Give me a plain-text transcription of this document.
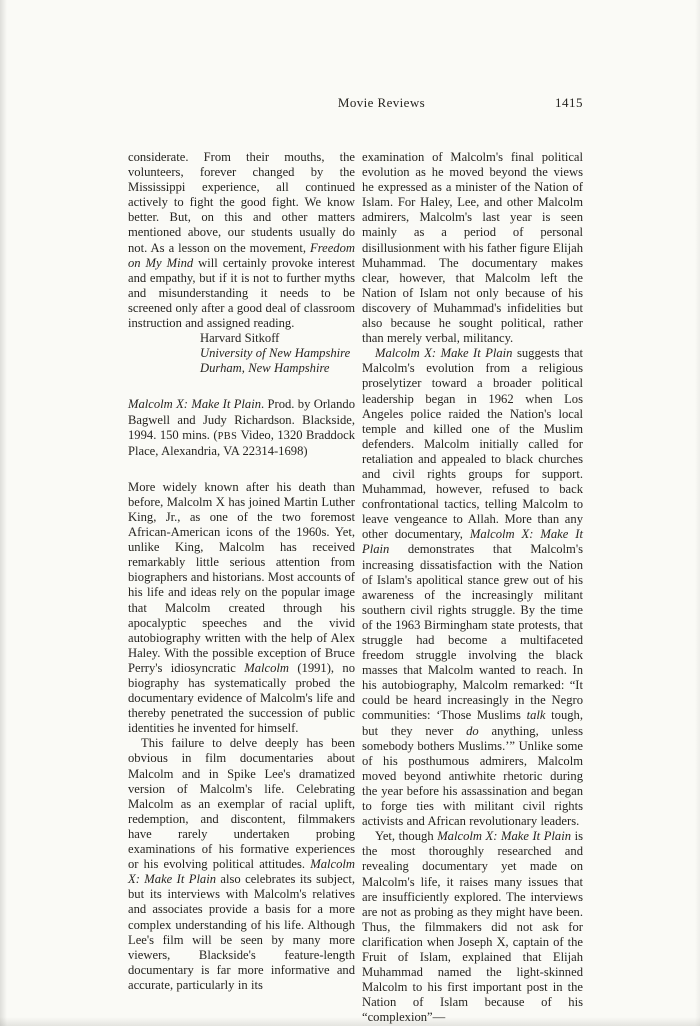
Movie Reviews	1415

considerate. From their mouths, the volunteers, forever changed by the Mississippi experience, all continued actively to fight the good fight. We know better. But, on this and other matters mentioned above, our students usually do not. As a lesson on the movement, Freedom on My Mind will certainly provoke interest and empathy, but if it is not to further myths and misunderstanding it needs to be screened only after a good deal of classroom instruction and assigned reading.

Harvard Sitkoff
University of New Hampshire
Durham, New Hampshire

Malcolm X: Make It Plain. Prod. by Orlando Bagwell and Judy Richardson. Blackside, 1994. 150 mins. (PBS Video, 1320 Braddock Place, Alexandria, VA 22314-1698)

More widely known after his death than before, Malcolm X has joined Martin Luther King, Jr., as one of the two foremost African-American icons of the 1960s. Yet, unlike King, Malcolm has received remarkably little serious attention from biographers and historians. Most accounts of his life and ideas rely on the popular image that Malcolm created through his apocalyptic speeches and the vivid autobiography written with the help of Alex Haley. With the possible exception of Bruce Perry's idiosyncratic Malcolm (1991), no biography has systematically probed the documentary evidence of Malcolm's life and thereby penetrated the succession of public identities he invented for himself.

This failure to delve deeply has been obvious in film documentaries about Malcolm and in Spike Lee's dramatized version of Malcolm's life. Celebrating Malcolm as an exemplar of racial uplift, redemption, and discontent, filmmakers have rarely undertaken probing examinations of his formative experiences or his evolving political attitudes. Malcolm X: Make It Plain also celebrates its subject, but its interviews with Malcolm's relatives and associates provide a basis for a more complex understanding of his life. Although Lee's film will be seen by many more viewers, Blackside's feature-length documentary is far more informative and accurate, particularly in its

examination of Malcolm's final political evolution as he moved beyond the views he expressed as a minister of the Nation of Islam. For Haley, Lee, and other Malcolm admirers, Malcolm's last year is seen mainly as a period of personal disillusionment with his father figure Elijah Muhammad. The documentary makes clear, however, that Malcolm left the Nation of Islam not only because of his discovery of Muhammad's infidelities but also because he sought political, rather than merely verbal, militancy.

Malcolm X: Make It Plain suggests that Malcolm's evolution from a religious proselytizer toward a broader political leadership began in 1962 when Los Angeles police raided the Nation's local temple and killed one of the Muslim defenders. Malcolm initially called for retaliation and appealed to black churches and civil rights groups for support. Muhammad, however, refused to back confrontational tactics, telling Malcolm to leave vengeance to Allah. More than any other documentary, Malcolm X: Make It Plain demonstrates that Malcolm's increasing dissatisfaction with the Nation of Islam's apolitical stance grew out of his awareness of the increasingly militant southern civil rights struggle. By the time of the 1963 Birmingham state protests, that struggle had become a multifaceted freedom struggle involving the black masses that Malcolm wanted to reach. In his autobiography, Malcolm remarked: “It could be heard increasingly in the Negro communities: ‘Those Muslims talk tough, but they never do anything, unless somebody bothers Muslims.’” Unlike some of his posthumous admirers, Malcolm moved beyond antiwhite rhetoric during the year before his assassination and began to forge ties with militant civil rights activists and African revolutionary leaders.

Yet, though Malcolm X: Make It Plain is the most thoroughly researched and revealing documentary yet made on Malcolm's life, it raises many issues that are insufficiently explored. The interviews are not as probing as they might have been. Thus, the filmmakers did not ask for clarification when Joseph X, captain of the Fruit of Islam, explained that Elijah Muhammad named the light-skinned Malcolm to his first important post in the Nation of Islam because of his “complexion”—
